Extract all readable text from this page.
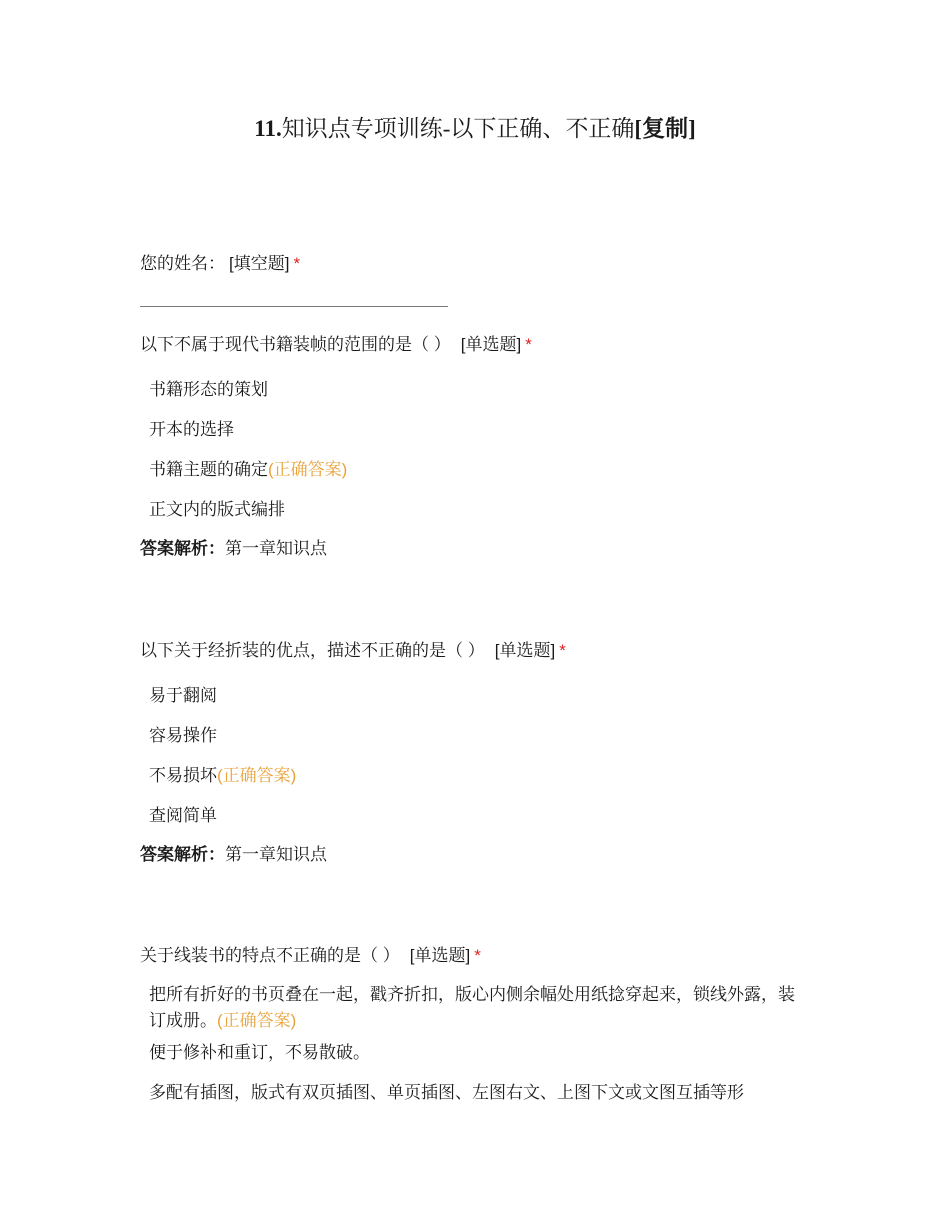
11.知识点专项训练-以下正确、不正确[复制]
您的姓名： [填空题] *
以下不属于现代书籍装帧的范围的是（ ） [单选题] *
书籍形态的策划
开本的选择
书籍主题的确定(正确答案)
正文内的版式编排
答案解析：第一章知识点
以下关于经折装的优点，描述不正确的是（ ） [单选题] *
易于翻阅
容易操作
不易损坏(正确答案)
查阅简单
答案解析：第一章知识点
关于线装书的特点不正确的是（ ） [单选题] *
把所有折好的书页叠在一起，戳齐折扣，版心内侧余幅处用纸捻穿起来，锁线外露，装订成册。(正确答案)
便于修补和重订，不易散破。
多配有插图，版式有双页插图、单页插图、左图右文、上图下文或文图互插等形
